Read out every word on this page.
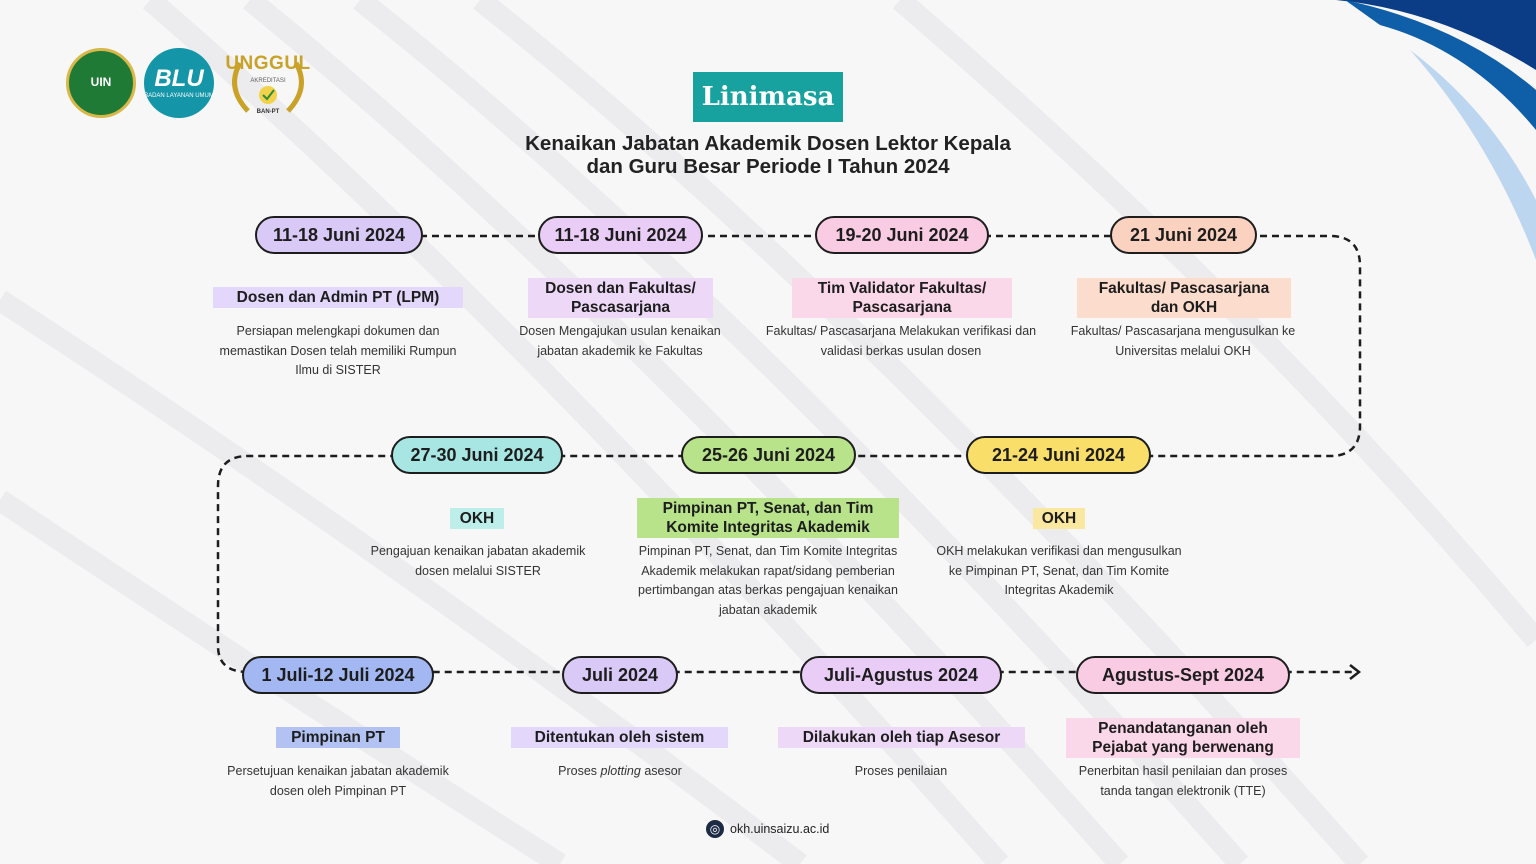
UIN	BLU
BADAN LAYANAN UMUM
UNGGUL
AKREDITASI
BAN-PT	Linimasa
Kenaikan Jabatan Akademik Dosen Lektor Kepala
dan Guru Besar Periode I Tahun 2024
11-18 Juni 2024
Dosen dan Admin PT (LPM)
Persiapan melengkapi dokumen dan memastikan Dosen telah memiliki Rumpun Ilmu di SISTER
11-18 Juni 2024
Dosen dan Fakultas/ Pascasarjana
Dosen Mengajukan usulan kenaikan jabatan akademik ke Fakultas
19-20 Juni 2024
Tim Validator Fakultas/ Pascasarjana
Fakultas/ Pascasarjana Melakukan verifikasi dan validasi berkas usulan dosen
21 Juni 2024
Fakultas/ Pascasarjana dan OKH
Fakultas/ Pascasarjana mengusulkan ke Universitas melalui OKH
27-30 Juni 2024
OKH
Pengajuan kenaikan jabatan akademik dosen melalui SISTER
25-26 Juni 2024
Pimpinan PT, Senat, dan Tim Komite Integritas Akademik
Pimpinan PT, Senat, dan Tim Komite Integritas Akademik melakukan rapat/sidang pemberian pertimbangan atas berkas pengajuan kenaikan jabatan akademik
21-24 Juni 2024
OKH
OKH melakukan verifikasi dan mengusulkan ke Pimpinan PT, Senat, dan Tim Komite Integritas Akademik
1 Juli-12 Juli 2024
Pimpinan PT
Persetujuan kenaikan jabatan akademik dosen oleh Pimpinan PT
Juli 2024
Ditentukan oleh sistem
Proses plotting asesor
Juli-Agustus 2024
Dilakukan oleh tiap Asesor
Proses penilaian
Agustus-Sept 2024
Penandatanganan oleh Pejabat yang berwenang
Penerbitan hasil penilaian dan proses tanda tangan elektronik (TTE)
◎ okh.uinsaizu.ac.id
